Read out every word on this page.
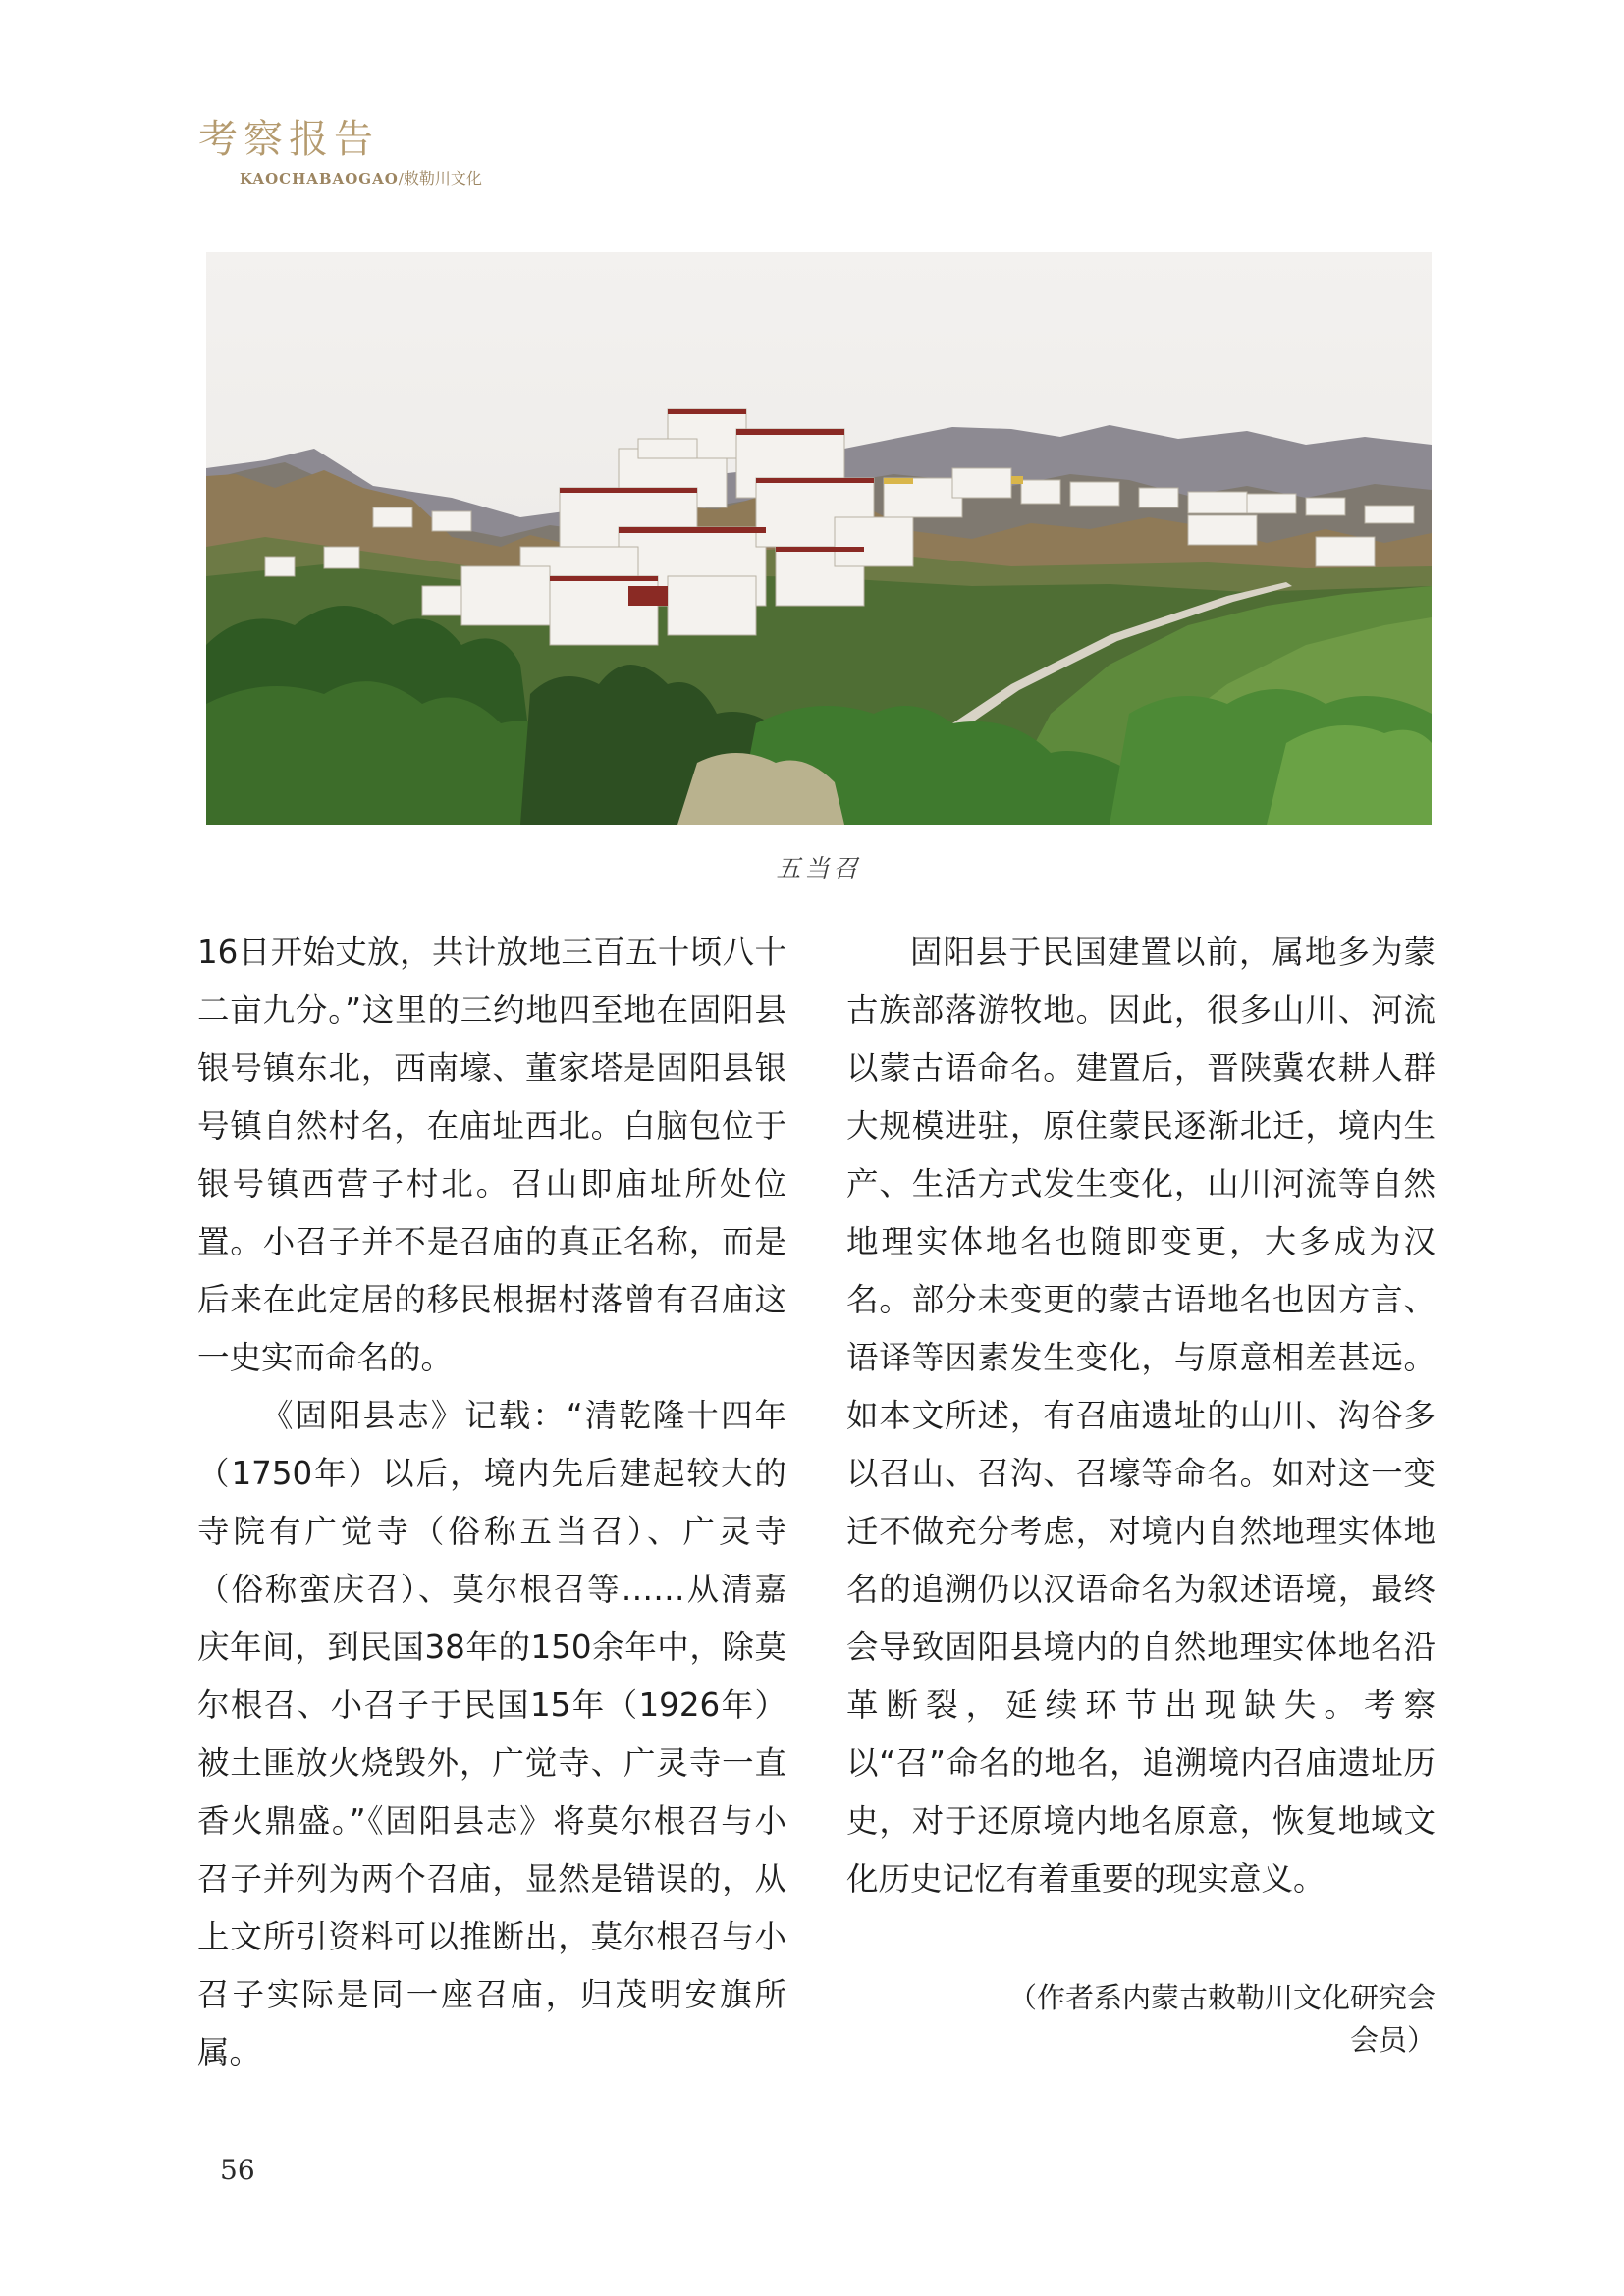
考察报告
KAOCHABAOGAO/敕勒川文化
五当召

16日开始丈放，共计放地三百五十顷八十二亩九分。”这里的三约地四至地在固阳县银号镇东北，西南壕、董家塔是固阳县银号镇自然村名，在庙址西北。白脑包位于银号镇西营子村北。召山即庙址所处位置。小召子并不是召庙的真正名称，而是后来在此定居的移民根据村落曾有召庙这一史实而命名的。

《固阳县志》记载：“清乾隆十四年（1750年）以后，境内先后建起较大的寺院有广觉寺（俗称五当召）、广灵寺（俗称蛮庆召）、莫尔根召等……从清嘉庆年间，到民国38年的150余年中，除莫尔根召、小召子于民国15年（1926年）被土匪放火烧毁外，广觉寺、广灵寺一直香火鼎盛。”《固阳县志》将莫尔根召与小召子并列为两个召庙，显然是错误的，从上文所引资料可以推断出，莫尔根召与小召子实际是同一座召庙，归茂明安旗所属。

固阳县于民国建置以前，属地多为蒙古族部落游牧地。因此，很多山川、河流以蒙古语命名。建置后，晋陕冀农耕人群大规模进驻，原住蒙民逐渐北迁，境内生产、生活方式发生变化，山川河流等自然地理实体地名也随即变更，大多成为汉名。部分未变更的蒙古语地名也因方言、语译等因素发生变化，与原意相差甚远。如本文所述，有召庙遗址的山川、沟谷多以召山、召沟、召壕等命名。如对这一变迁不做充分考虑，对境内自然地理实体地名的追溯仍以汉语命名为叙述语境，最终会导致固阳县境内的自然地理实体地名沿革断裂，延续环节出现缺失。考察以“召”命名的地名，追溯境内召庙遗址历史，对于还原境内地名原意，恢复地域文化历史记忆有着重要的现实意义。

（作者系内蒙古敕勒川文化研究会
会员）
56
